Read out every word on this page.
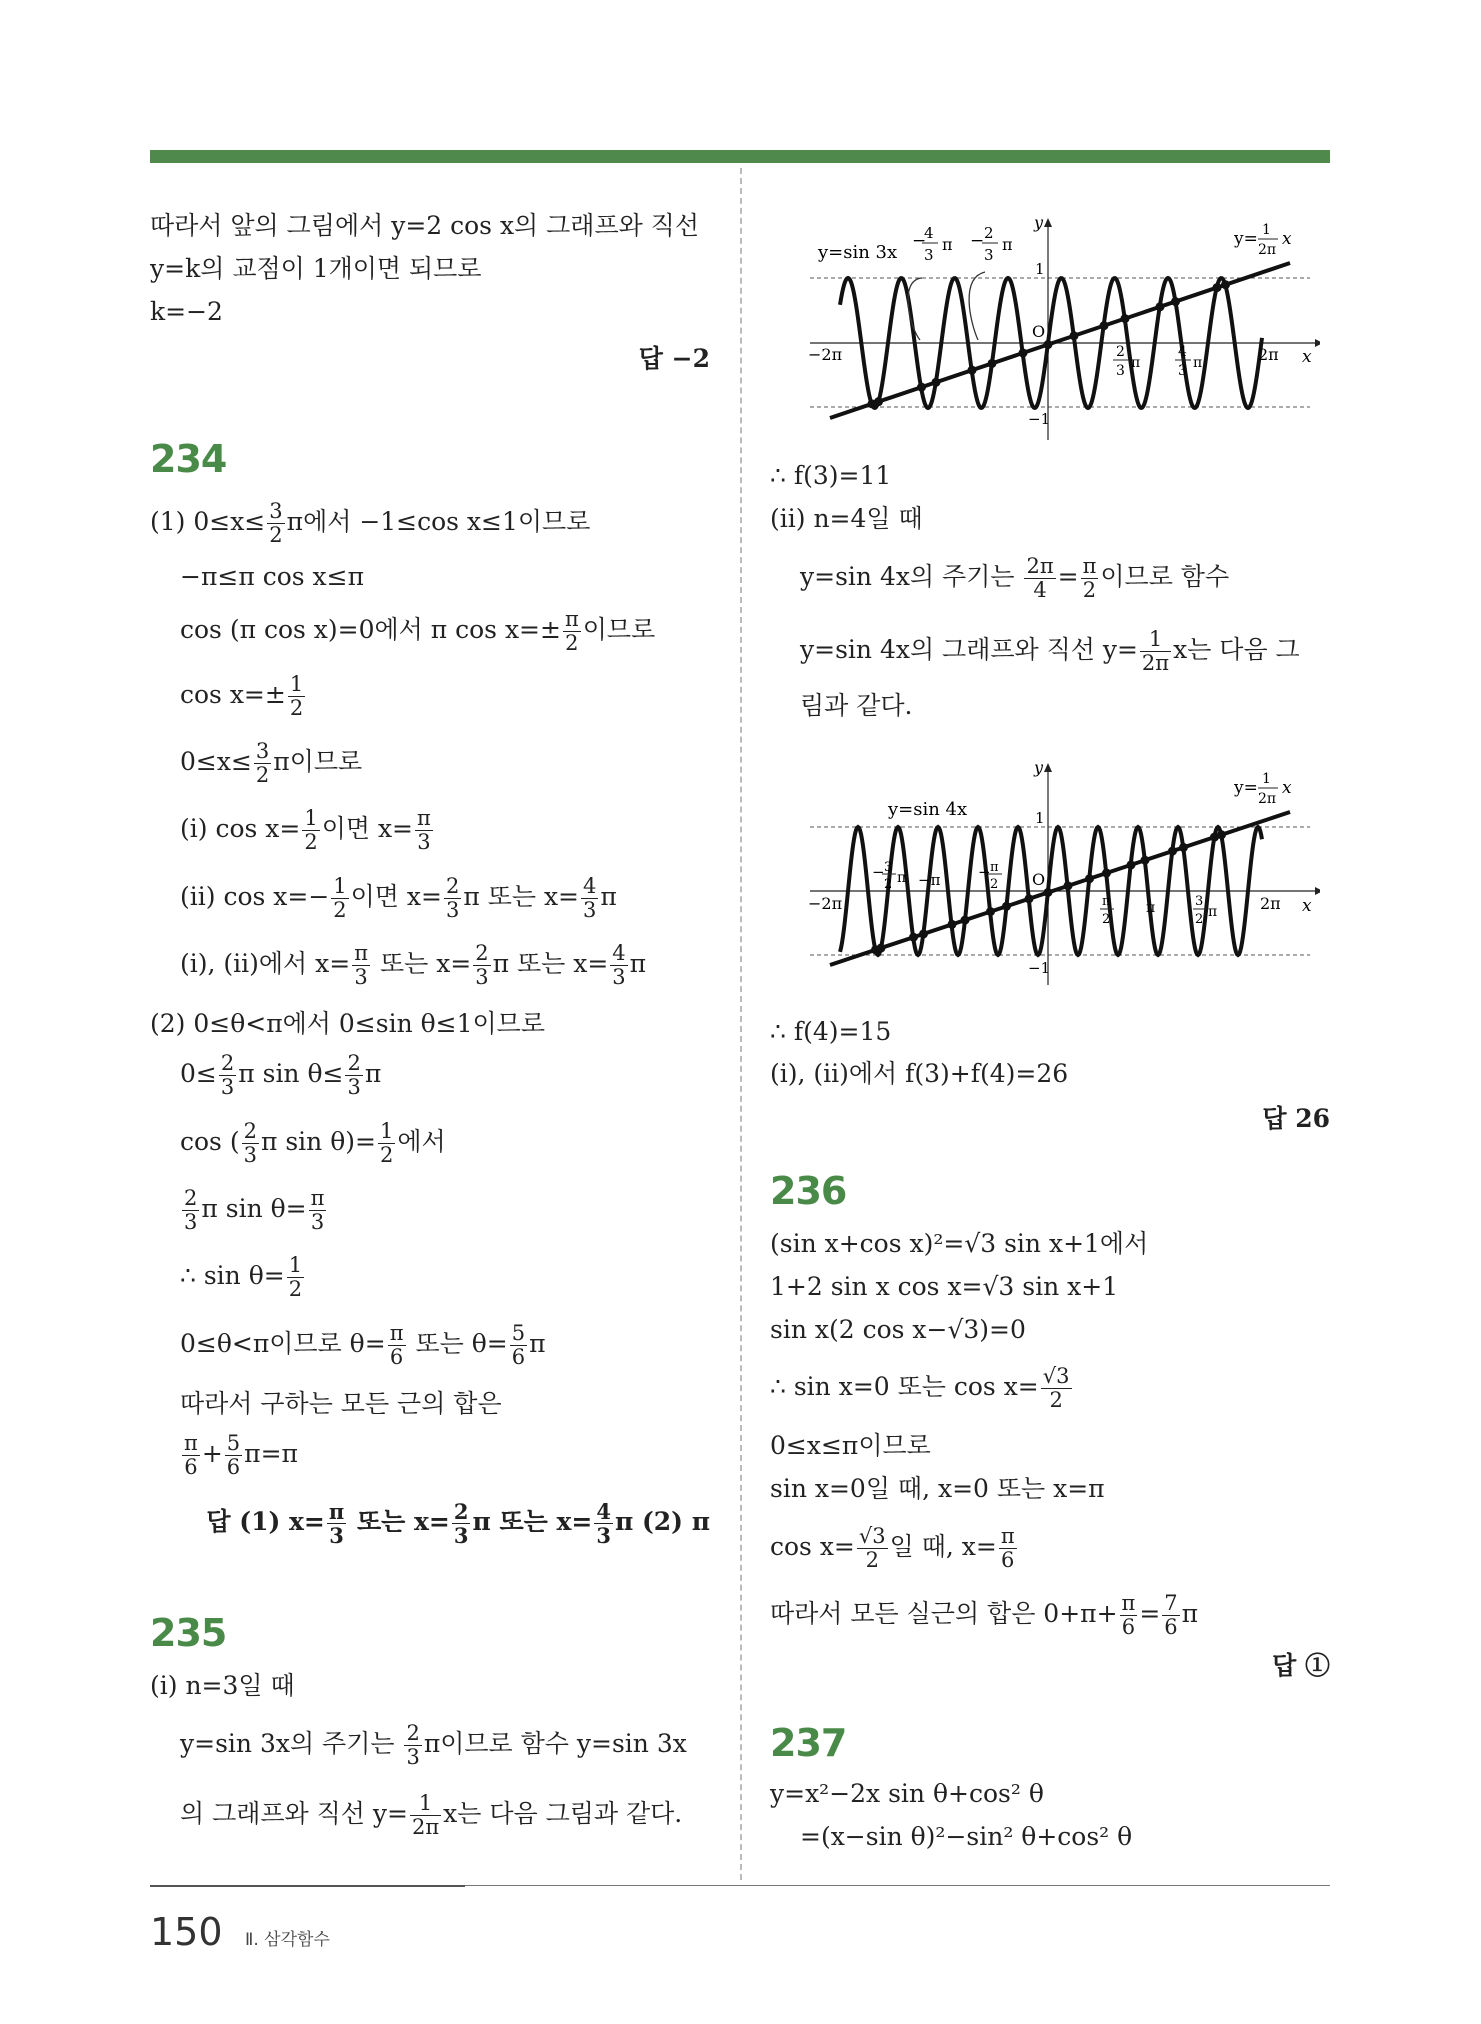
따라서 앞의 그림에서 y=2 cos x의 그래프와 직선
y=k의 교점이 1개이면 되므로
k=−2
답 −2
234
(1) $0\le x\le \frac{3}{2}$ π에서 −1≤cos x≤1이므로
−π≤π cos x≤π
cos (π cos x)=0에서 π $\cos x=\pm \frac{\pi}{2}$ 이므로
$\cos x=\pm \frac{1}{2}$
$0\le x\le \frac{3}{2}$ π이므로
(ⅰ) $\cos x= \frac{1}{2}$ 이면 $x= \frac{\pi}{3}$
(ⅱ) $\cos x=- \frac{1}{2}$ 이면 $x= \frac{2}{3}$ π 또는 $x= \frac{4}{3}$ π
(ⅰ), (ⅱ)에서 $x= \frac{\pi}{3}$ 또는 $x= \frac{2}{3}$ π 또는 $x= \frac{4}{3}$ π
(2) 0≤θ<π에서 0≤sin θ≤1이므로
$0\le \frac{2}{3}$ π $\sin \theta\le \frac{2}{3}$ π
cos ( $\frac{2}{3}$ π $\sin \theta)= \frac{1}{2}$ 에서
$\frac{2}{3}$ π $\sin \theta= \frac{\pi}{3}$
∴ $\sin \theta= \frac{1}{2}$
0≤θ<π이므로 $\theta= \frac{\pi}{6}$ 또는 $\theta= \frac{5}{6}$ π
따라서 구하는 모든 근의 합은
$\frac{\pi}{6} + \frac{5}{6} \pi=\pi$
답 (1) $x= \frac{\pi}{3}$ 또는 $x= \frac{2}{3}$ π 또는 $x= \frac{4}{3}$ π (2) π
235
(ⅰ) n=3일 때
y=sin 3x의 주기는 $\frac{2}{3}$ π이므로 함수 y=sin 3x
의 그래프와 직선 $y= \frac{1}{2\pi}$ x는 다음 그림과 같다.
y=sin 3x
−
4
3
π − 2
3
π
−2π	2π
2
3 π
4
3 π
1
−1
O
x
y
y= 1
2π
x
∴ f(3)=11
(ⅱ) n=4일 때
y=sin 4x의 주기는 $\frac{2\pi}{4} = \frac{\pi}{2}$ 이므로 함수
y=sin 4x의 그래프와 직선 $y= \frac{1}{2\pi}$ x는 다음 그
림과 같다.
y=sin 4x
− 3
2 π −π	− π
2
−2π	2π
π
2
π	3
2 π
1
−1
O
x
y
y= 1
2π
x
∴ f(4)=15
(ⅰ), (ⅱ)에서 f(3)+f(4)=26
답 26
236
(sin x+cos x)²=√3 sin x+1에서
1+2 sin x cos x=√3 sin x+1
sin x(2 cos x−√3)=0
∴ sin x=0 또는 $\cos x= \frac{√3}{2}$
0≤x≤π이므로
sin x=0일 때, x=0 또는 x=π
$\cos x= \frac{√3}{2}$ 일 때, $x= \frac{\pi}{6}$
따라서 모든 실근의 합은 $0+\pi+ \frac{\pi}{6} = \frac{7}{6}$ π
답 ①
237
y=x²−2x sin θ+cos² θ
=(x−sin θ)²−sin² θ+cos² θ
150 Ⅱ. 삼각함수
